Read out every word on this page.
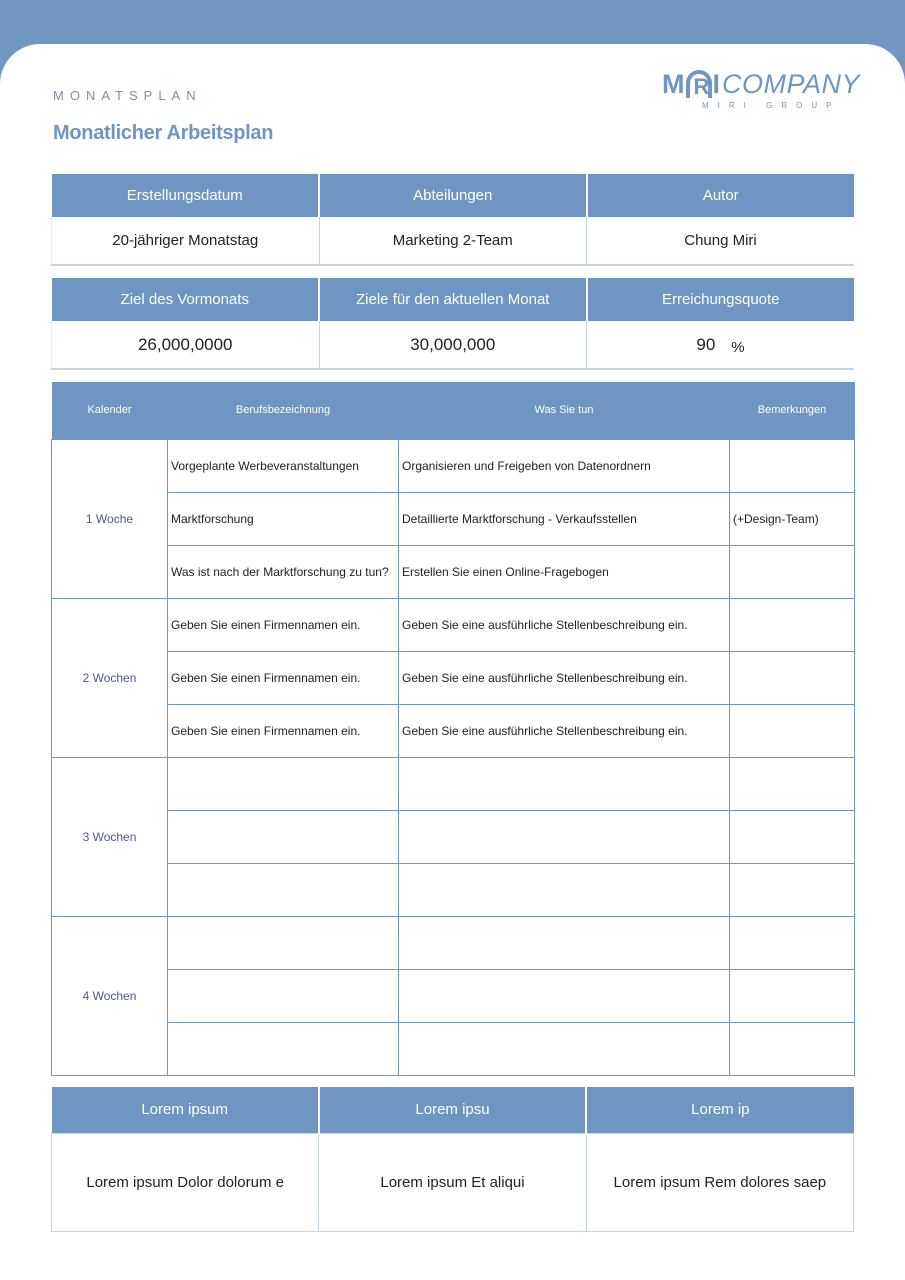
MONATSPLAN
Monatlicher Arbeitsplan
M R I COMPANY
MIRI GROUP
Erstellungsdatum	Abteilungen	Autor
20-jähriger Monatstag	Marketing 2-Team	Chung Miri
Ziel des Vormonats	Ziele für den aktuellen Monat	Erreichungsquote
26,000,0000	30,000,000	90 %
Kalender	Berufsbezeichnung	Was Sie tun	Bemerkungen
1 Woche	Vorgeplante Werbeveranstaltungen	Organisieren und Freigeben von Datenordnern	
	Marktforschung	Detaillierte Marktforschung - Verkaufsstellen	(+Design-Team)
	Was ist nach der Marktforschung zu tun?	Erstellen Sie einen Online-Fragebogen	
2 Wochen	Geben Sie einen Firmennamen ein.	Geben Sie eine ausführliche Stellenbeschreibung ein.	
	Geben Sie einen Firmennamen ein.	Geben Sie eine ausführliche Stellenbeschreibung ein.	
	Geben Sie einen Firmennamen ein.	Geben Sie eine ausführliche Stellenbeschreibung ein.	
3 Wochen			

4 Wochen			

Lorem ipsum	Lorem ipsu	Lorem ip
Lorem ipsum Dolor dolorum e	Lorem ipsum Et aliqui	Lorem ipsum Rem dolores saep
